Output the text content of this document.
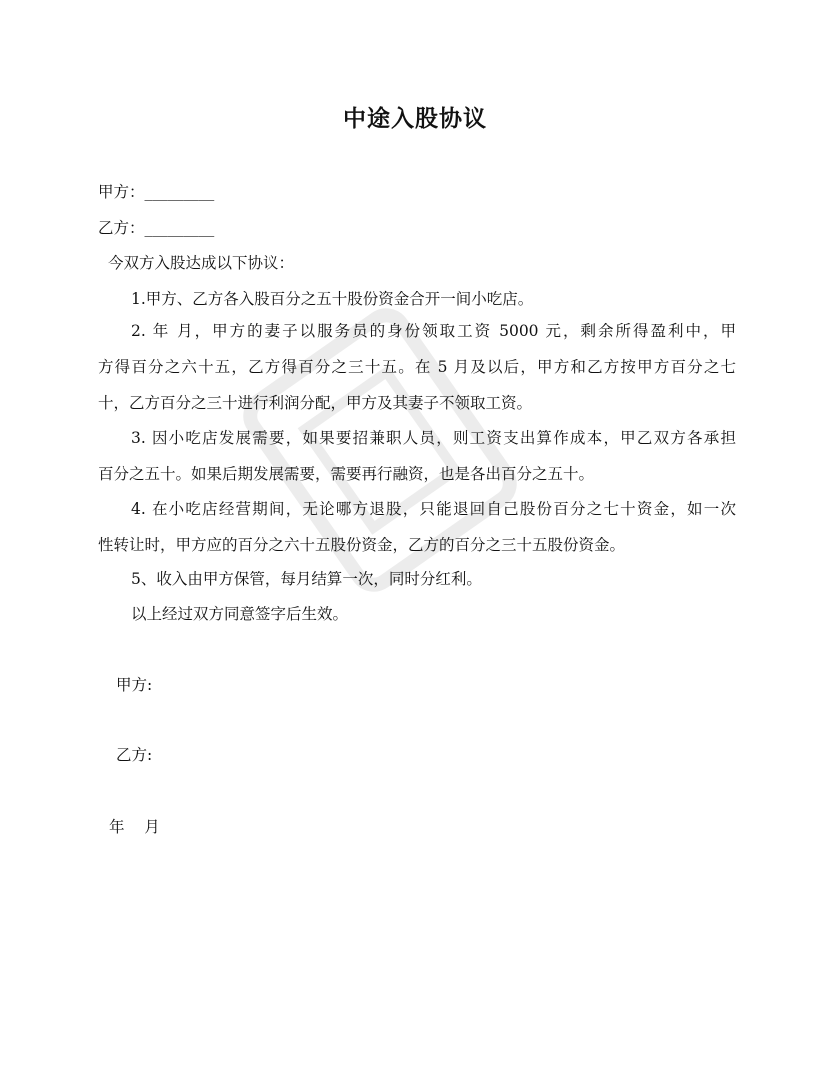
中途入股协议
甲方：_________
乙方：_________
今双方入股达成以下协议：
1.甲方、乙方各入股百分之五十股份资金合开一间小吃店。
2. 年 月，甲方的妻子以服务员的身份领取工资 5000 元，剩余所得盈利中，甲
方得百分之六十五，乙方得百分之三十五。在 5 月及以后，甲方和乙方按甲方百分之七
十，乙方百分之三十进行利润分配，甲方及其妻子不领取工资。
3. 因小吃店发展需要，如果要招兼职人员，则工资支出算作成本，甲乙双方各承担
百分之五十。如果后期发展需要，需要再行融资，也是各出百分之五十。
4. 在小吃店经营期间，无论哪方退股，只能退回自己股份百分之七十资金，如一次
性转让时，甲方应的百分之六十五股份资金，乙方的百分之三十五股份资金。
5、收入由甲方保管，每月结算一次，同时分红利。
以上经过双方同意签字后生效。
甲方:
乙方:
年    月
